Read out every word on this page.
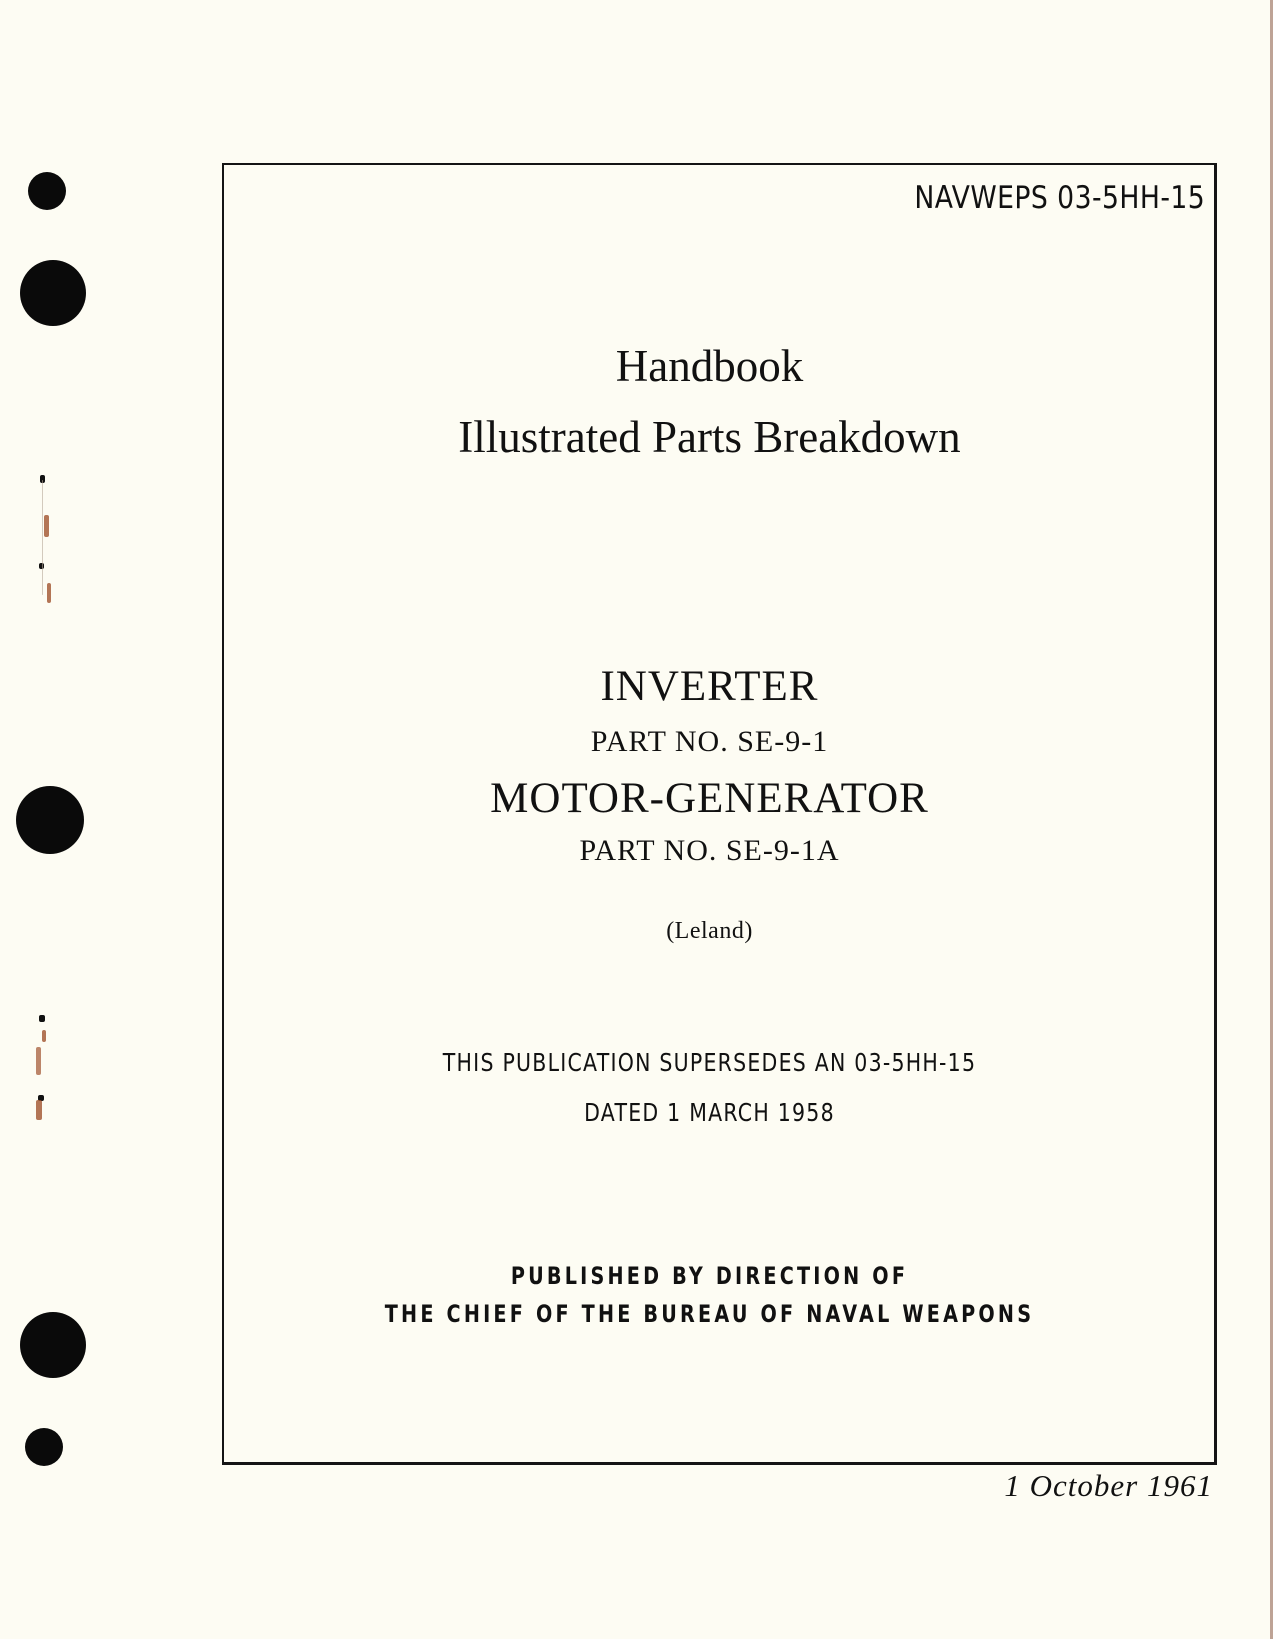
NAVWEPS 03-5HH-15
Handbook
Illustrated Parts Breakdown
INVERTER
PART NO. SE-9-1
MOTOR-GENERATOR
PART NO. SE-9-1A
(Leland)
THIS PUBLICATION SUPERSEDES AN 03-5HH-15
DATED 1 MARCH 1958
PUBLISHED BY DIRECTION OF
THE CHIEF OF THE BUREAU OF NAVAL WEAPONS
1 October 1961
